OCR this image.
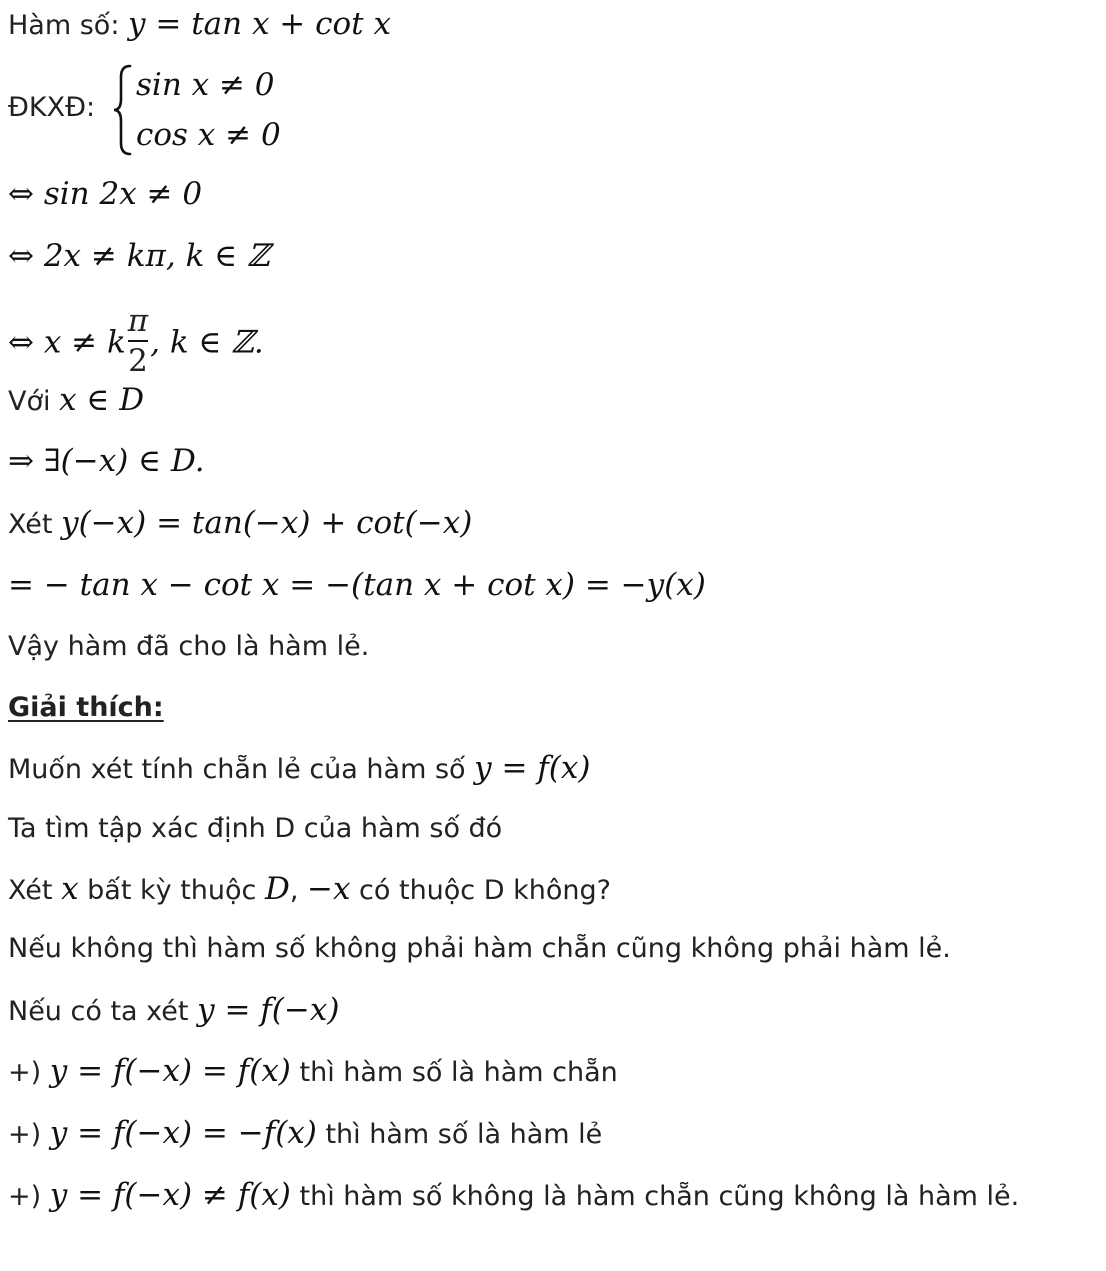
Hàm số: y = tan x + cot x
ĐKXĐ:
sin x ≠ 0
cos x ≠ 0
⇔ sin 2x ≠ 0
⇔ 2x ≠ kπ, k ∈ ℤ
⇔ x ≠ k $\frac{\pi}{2}$ , k ∈ ℤ.
Với x ∈ D
⇒ ∃(−x) ∈ D.
Xét y(−x) = tan(−x) + cot(−x)
= − tan x − cot x = −(tan x + cot x) = −y(x)
Vậy hàm đã cho là hàm lẻ.
Giải thích:
Muốn xét tính chẵn lẻ của hàm số y = f(x)
Ta tìm tập xác định D của hàm số đó
Xét x bất kỳ thuộc D, −x có thuộc D không?
Nếu không thì hàm số không phải hàm chẵn cũng không phải hàm lẻ.
Nếu có ta xét y = f(−x)
+) y = f(−x) = f(x) thì hàm số là hàm chẵn
+) y = f(−x) = −f(x) thì hàm số là hàm lẻ
+) y = f(−x) ≠ f(x) thì hàm số không là hàm chẵn cũng không là hàm lẻ.
